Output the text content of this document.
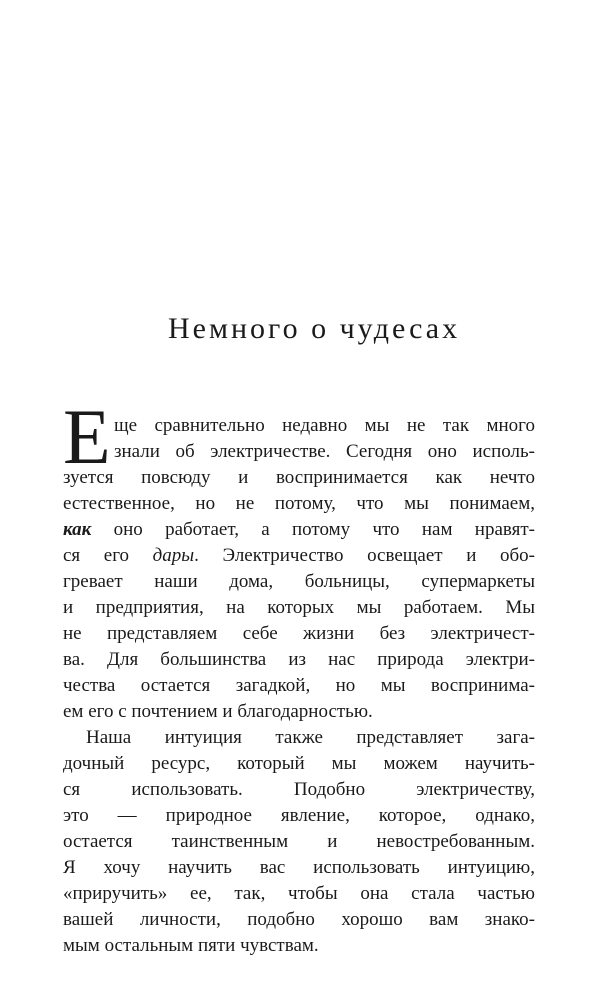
Немного о чудесах
Е ще сравнительно недавно мы не так много
знали об электричестве. Сегодня оно исполь-
зуется повсюду и воспринимается как нечто
естественное, но не потому, что мы понимаем,
как оно работает, а потому что нам нравят-
ся его дары. Электричество освещает и обо-
гревает наши дома, больницы, супермаркеты
и предприятия, на которых мы работаем. Мы
не представляем себе жизни без электричест-
ва. Для большинства из нас природа электри-
чества остается загадкой, но мы воспринима-
ем его с почтением и благодарностью.
Наша интуиция также представляет зага-
дочный ресурс, который мы можем научить-
ся использовать. Подобно электричеству,
это — природное явление, которое, однако,
остается таинственным и невостребованным.
Я хочу научить вас использовать интуицию,
«приручить» ее, так, чтобы она стала частью
вашей личности, подобно хорошо вам знако-
мым остальным пяти чувствам.
